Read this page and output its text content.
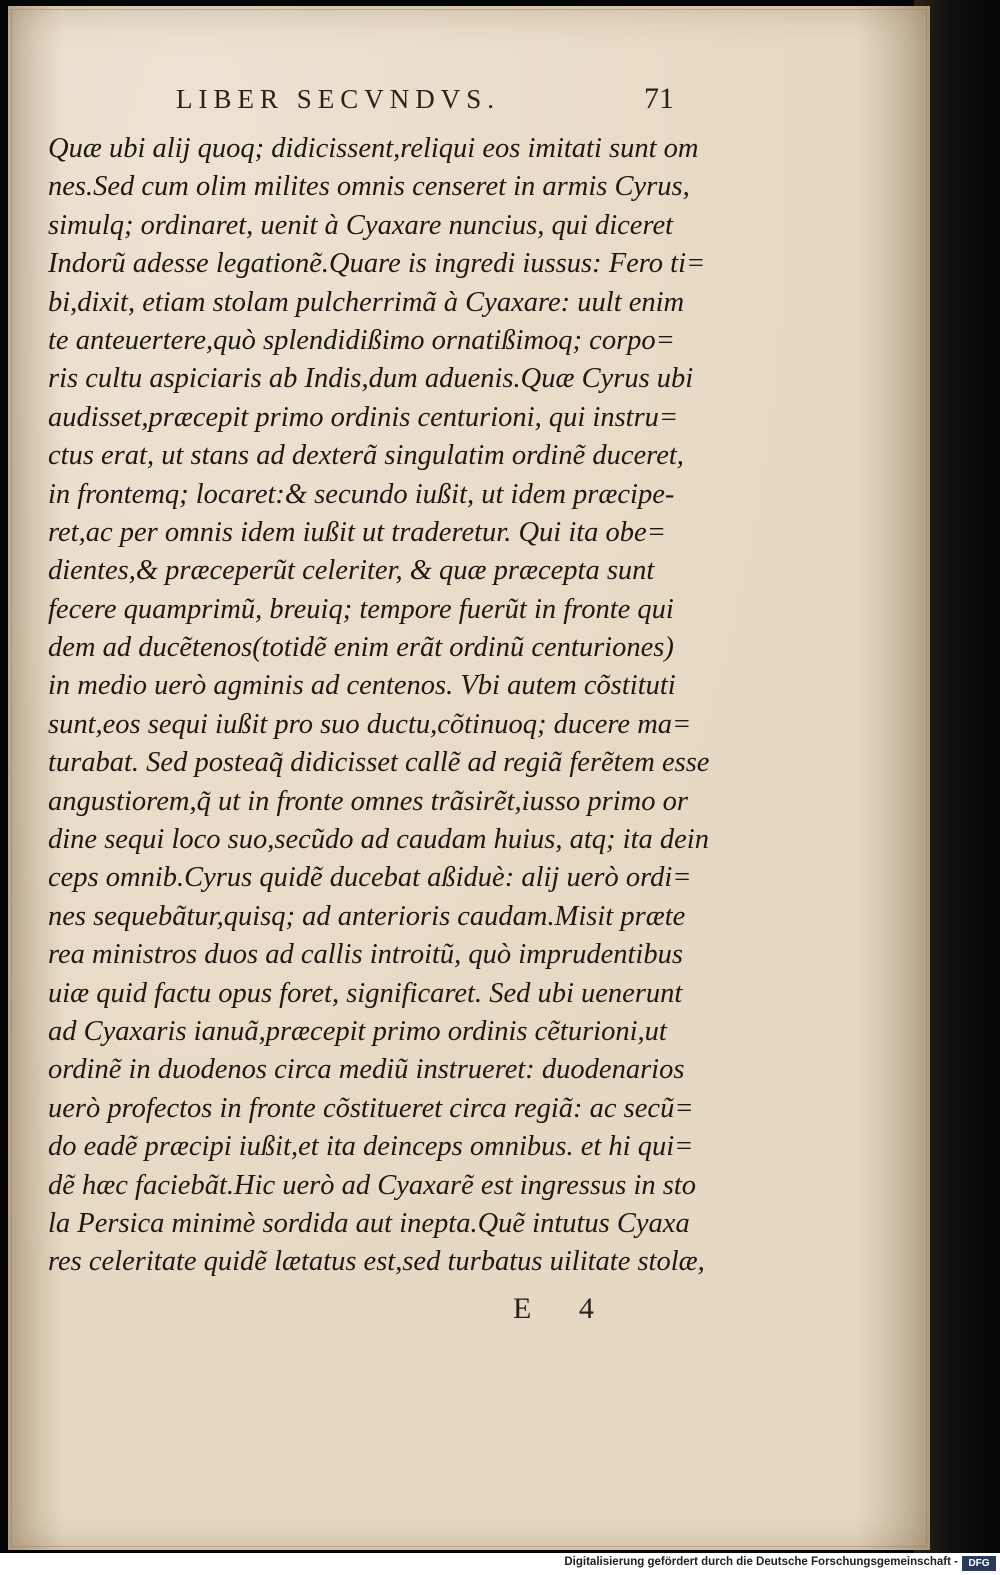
LIBER SECVNDVS.	71
Quæ ubi alij quoq; didicissent,reliqui eos imitati sunt om
nes.Sed cum olim milites omnis censeret in armis Cyrus,
simulq; ordinaret, uenit à Cyaxare nuncius, qui diceret
Indorũ adesse legationẽ.Quare is ingredi iussus: Fero ti=
bi,dixit, etiam stolam pulcherrimã à Cyaxare: uult enim
te anteuertere,quò splendidißimo ornatißimoq; corpo=
ris cultu aspiciaris ab Indis,dum aduenis.Quæ Cyrus ubi
audisset,præcepit primo ordinis centurioni, qui instru=
ctus erat, ut stans ad dexterã singulatim ordinẽ duceret,
in frontemq; locaret:& secundo iußit, ut idem præcipe-
ret,ac per omnis idem iußit ut traderetur. Qui ita obe=
dientes,& præceperũt celeriter, & quæ præcepta sunt
fecere quamprimũ, breuiq; tempore fuerũt in fronte qui
dem ad ducẽtenos(totidẽ enim erãt ordinũ centuriones)
in medio uerò agminis ad centenos. Vbi autem cõstituti
sunt,eos sequi iußit pro suo ductu,cõtinuoq; ducere ma=
turabat. Sed posteaq̃ didicisset callẽ ad regiã ferẽtem esse
angustiorem,q̃ ut in fronte omnes trãsirẽt,iusso primo or
dine sequi loco suo,secũdo ad caudam huius, atq; ita dein
ceps omnib.Cyrus quidẽ ducebat aßiduè: alij uerò ordi=
nes sequebãtur,quisq; ad anterioris caudam.Misit præte
rea ministros duos ad callis introitũ, quò imprudentibus
uiæ quid factu opus foret, significaret. Sed ubi uenerunt
ad Cyaxaris ianuã,præcepit primo ordinis cẽturioni,ut
ordinẽ in duodenos circa mediũ instrueret: duodenarios
uerò profectos in fronte cõstitueret circa regiã: ac secũ=
do eadẽ præcipi iußit,et ita deinceps omnibus. et hi qui=
dẽ hæc faciebãt.Hic uerò ad Cyaxarẽ est ingressus in sto
la Persica minimè sordida aut inepta.Quẽ intutus Cyaxa
res celeritate quidẽ lætatus est,sed turbatus uilitate stolæ,
E 4
Digitalisierung gefördert durch die Deutsche Forschungsgemeinschaft -	DFG
